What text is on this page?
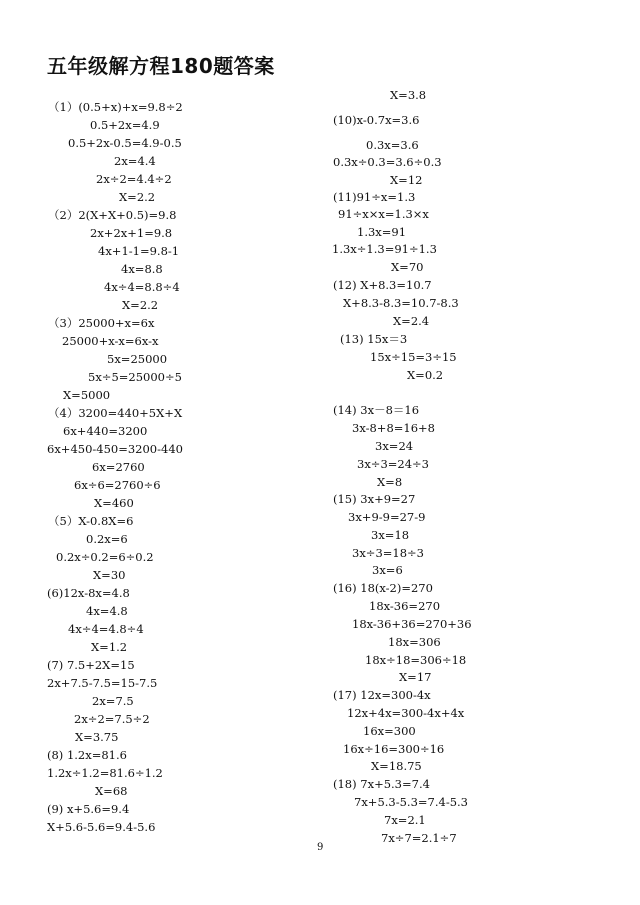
五年级解方程180题答案
（1）(0.5+x)+x=9.8÷2
0.5+2x=4.9
0.5+2x-0.5=4.9-0.5
2x=4.4
2x÷2=4.4÷2
X=2.2
（2）2(X+X+0.5)=9.8
2x+2x+1=9.8
4x+1-1=9.8-1
4x=8.8
4x÷4=8.8÷4
X=2.2
（3）25000+x=6x
25000+x-x=6x-x
5x=25000
5x÷5=25000÷5
X=5000
（4）3200=440+5X+X
6x+440=3200
6x+450-450=3200-440
6x=2760
6x÷6=2760÷6
X=460
（5）X-0.8X=6
0.2x=6
0.2x÷0.2=6÷0.2
X=30
(6)12x-8x=4.8
4x=4.8
4x÷4=4.8÷4
X=1.2
(7) 7.5+2X=15
2x+7.5-7.5=15-7.5
2x=7.5
2x÷2=7.5÷2
X=3.75
(8) 1.2x=81.6
1.2x÷1.2=81.6÷1.2
X=68
(9) x+5.6=9.4
X+5.6-5.6=9.4-5.6
X=3.8
(10)x-0.7x=3.6
0.3x=3.6
0.3x÷0.3=3.6÷0.3
X=12
(11)91÷x=1.3
91÷x×x=1.3×x
1.3x=91
1.3x÷1.3=91÷1.3
X=70
(12) X+8.3=10.7
X+8.3-8.3=10.7-8.3
X=2.4
(13) 15x＝3
15x÷15=3÷15
X=0.2
(14) 3x－8＝16
3x-8+8=16+8
3x=24
3x÷3=24÷3
X=8
(15) 3x+9=27
3x+9-9=27-9
3x=18
3x÷3=18÷3
3x=6
(16) 18(x-2)=270
18x-36=270
18x-36+36=270+36
18x=306
18x÷18=306÷18
X=17
(17) 12x=300-4x
12x+4x=300-4x+4x
16x=300
16x÷16=300÷16
X=18.75
(18) 7x+5.3=7.4
7x+5.3-5.3=7.4-5.3
7x=2.1
7x÷7=2.1÷7
9
